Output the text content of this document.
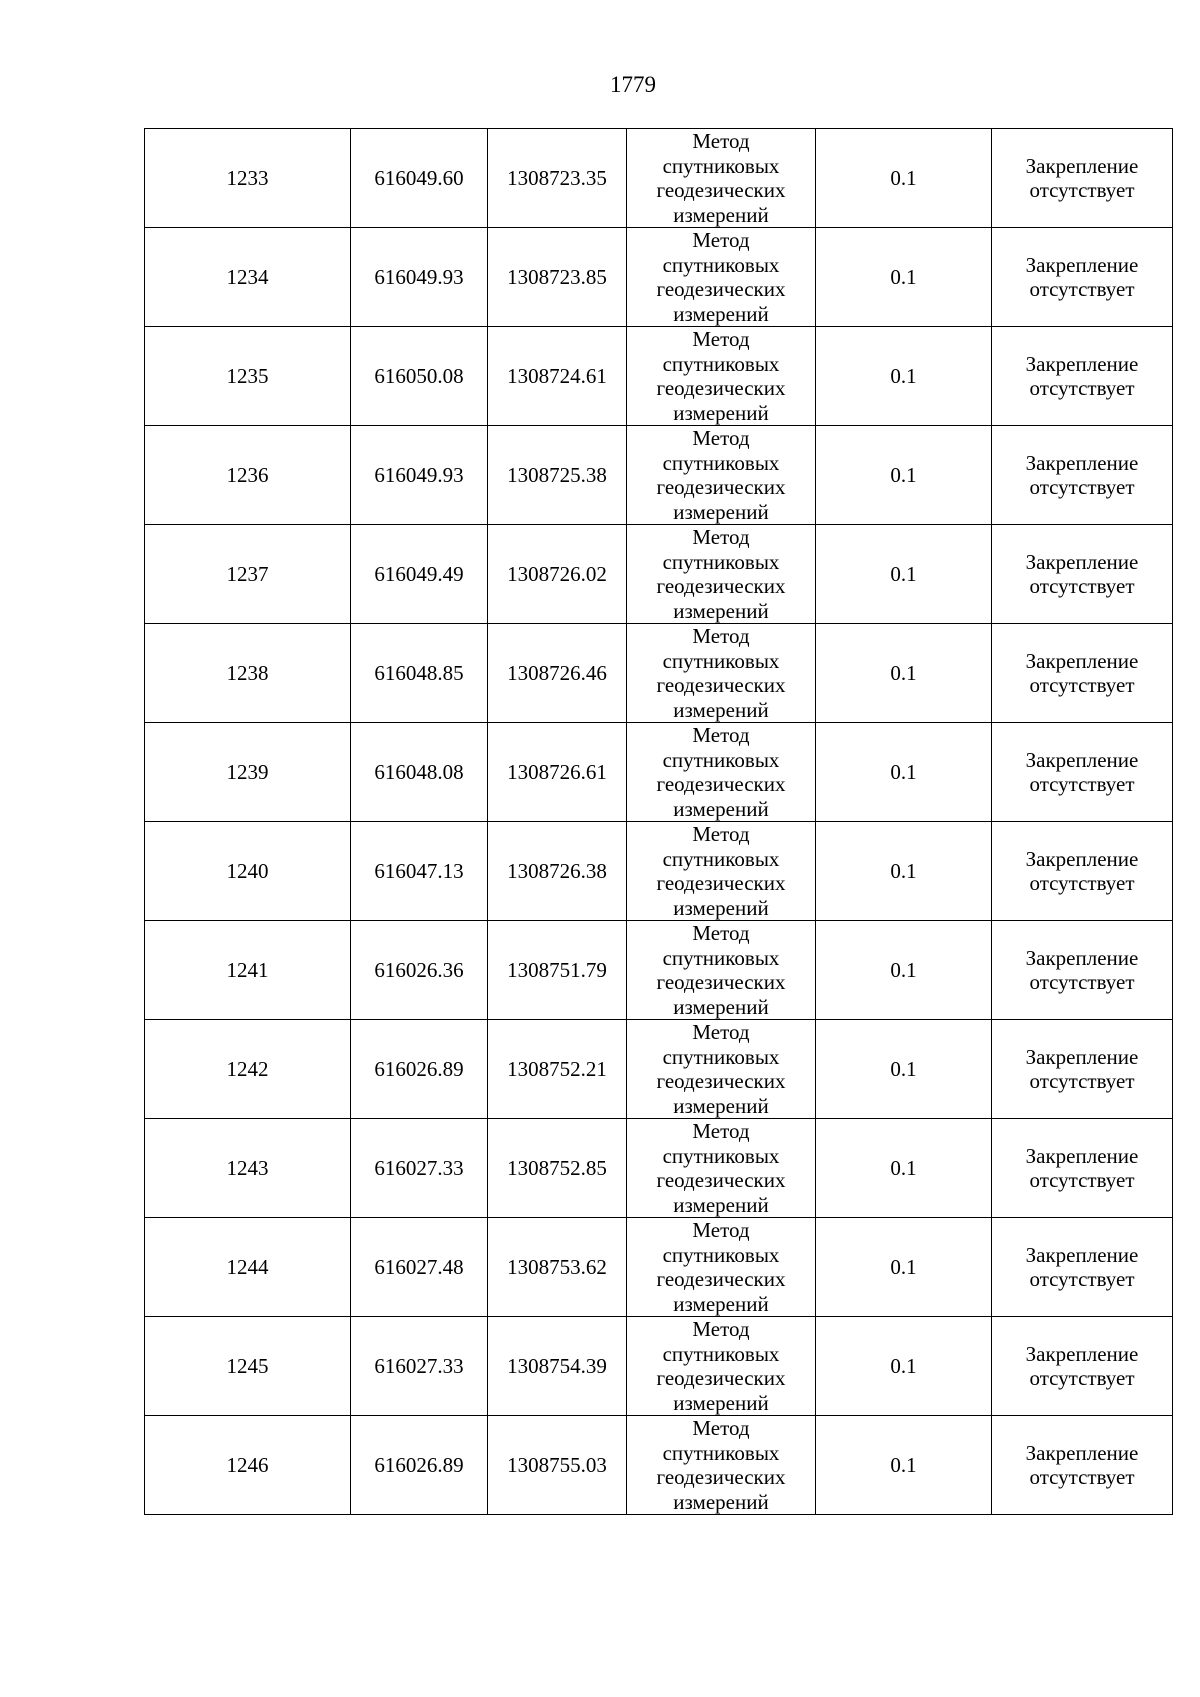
1779
1233	616049.60	1308723.35	Метод
спутниковых
геодезических
измерений	0.1	Закрепление
отсутствует

1234	616049.93	1308723.85	Метод
спутниковых
геодезических
измерений	0.1	Закрепление
отсутствует

1235	616050.08	1308724.61	Метод
спутниковых
геодезических
измерений	0.1	Закрепление
отсутствует

1236	616049.93	1308725.38	Метод
спутниковых
геодезических
измерений	0.1	Закрепление
отсутствует

1237	616049.49	1308726.02	Метод
спутниковых
геодезических
измерений	0.1	Закрепление
отсутствует

1238	616048.85	1308726.46	Метод
спутниковых
геодезических
измерений	0.1	Закрепление
отсутствует

1239	616048.08	1308726.61	Метод
спутниковых
геодезических
измерений	0.1	Закрепление
отсутствует

1240	616047.13	1308726.38	Метод
спутниковых
геодезических
измерений	0.1	Закрепление
отсутствует

1241	616026.36	1308751.79	Метод
спутниковых
геодезических
измерений	0.1	Закрепление
отсутствует

1242	616026.89	1308752.21	Метод
спутниковых
геодезических
измерений	0.1	Закрепление
отсутствует

1243	616027.33	1308752.85	Метод
спутниковых
геодезических
измерений	0.1	Закрепление
отсутствует

1244	616027.48	1308753.62	Метод
спутниковых
геодезических
измерений	0.1	Закрепление
отсутствует

1245	616027.33	1308754.39	Метод
спутниковых
геодезических
измерений	0.1	Закрепление
отсутствует

1246	616026.89	1308755.03	Метод
спутниковых
геодезических
измерений	0.1	Закрепление
отсутствует
